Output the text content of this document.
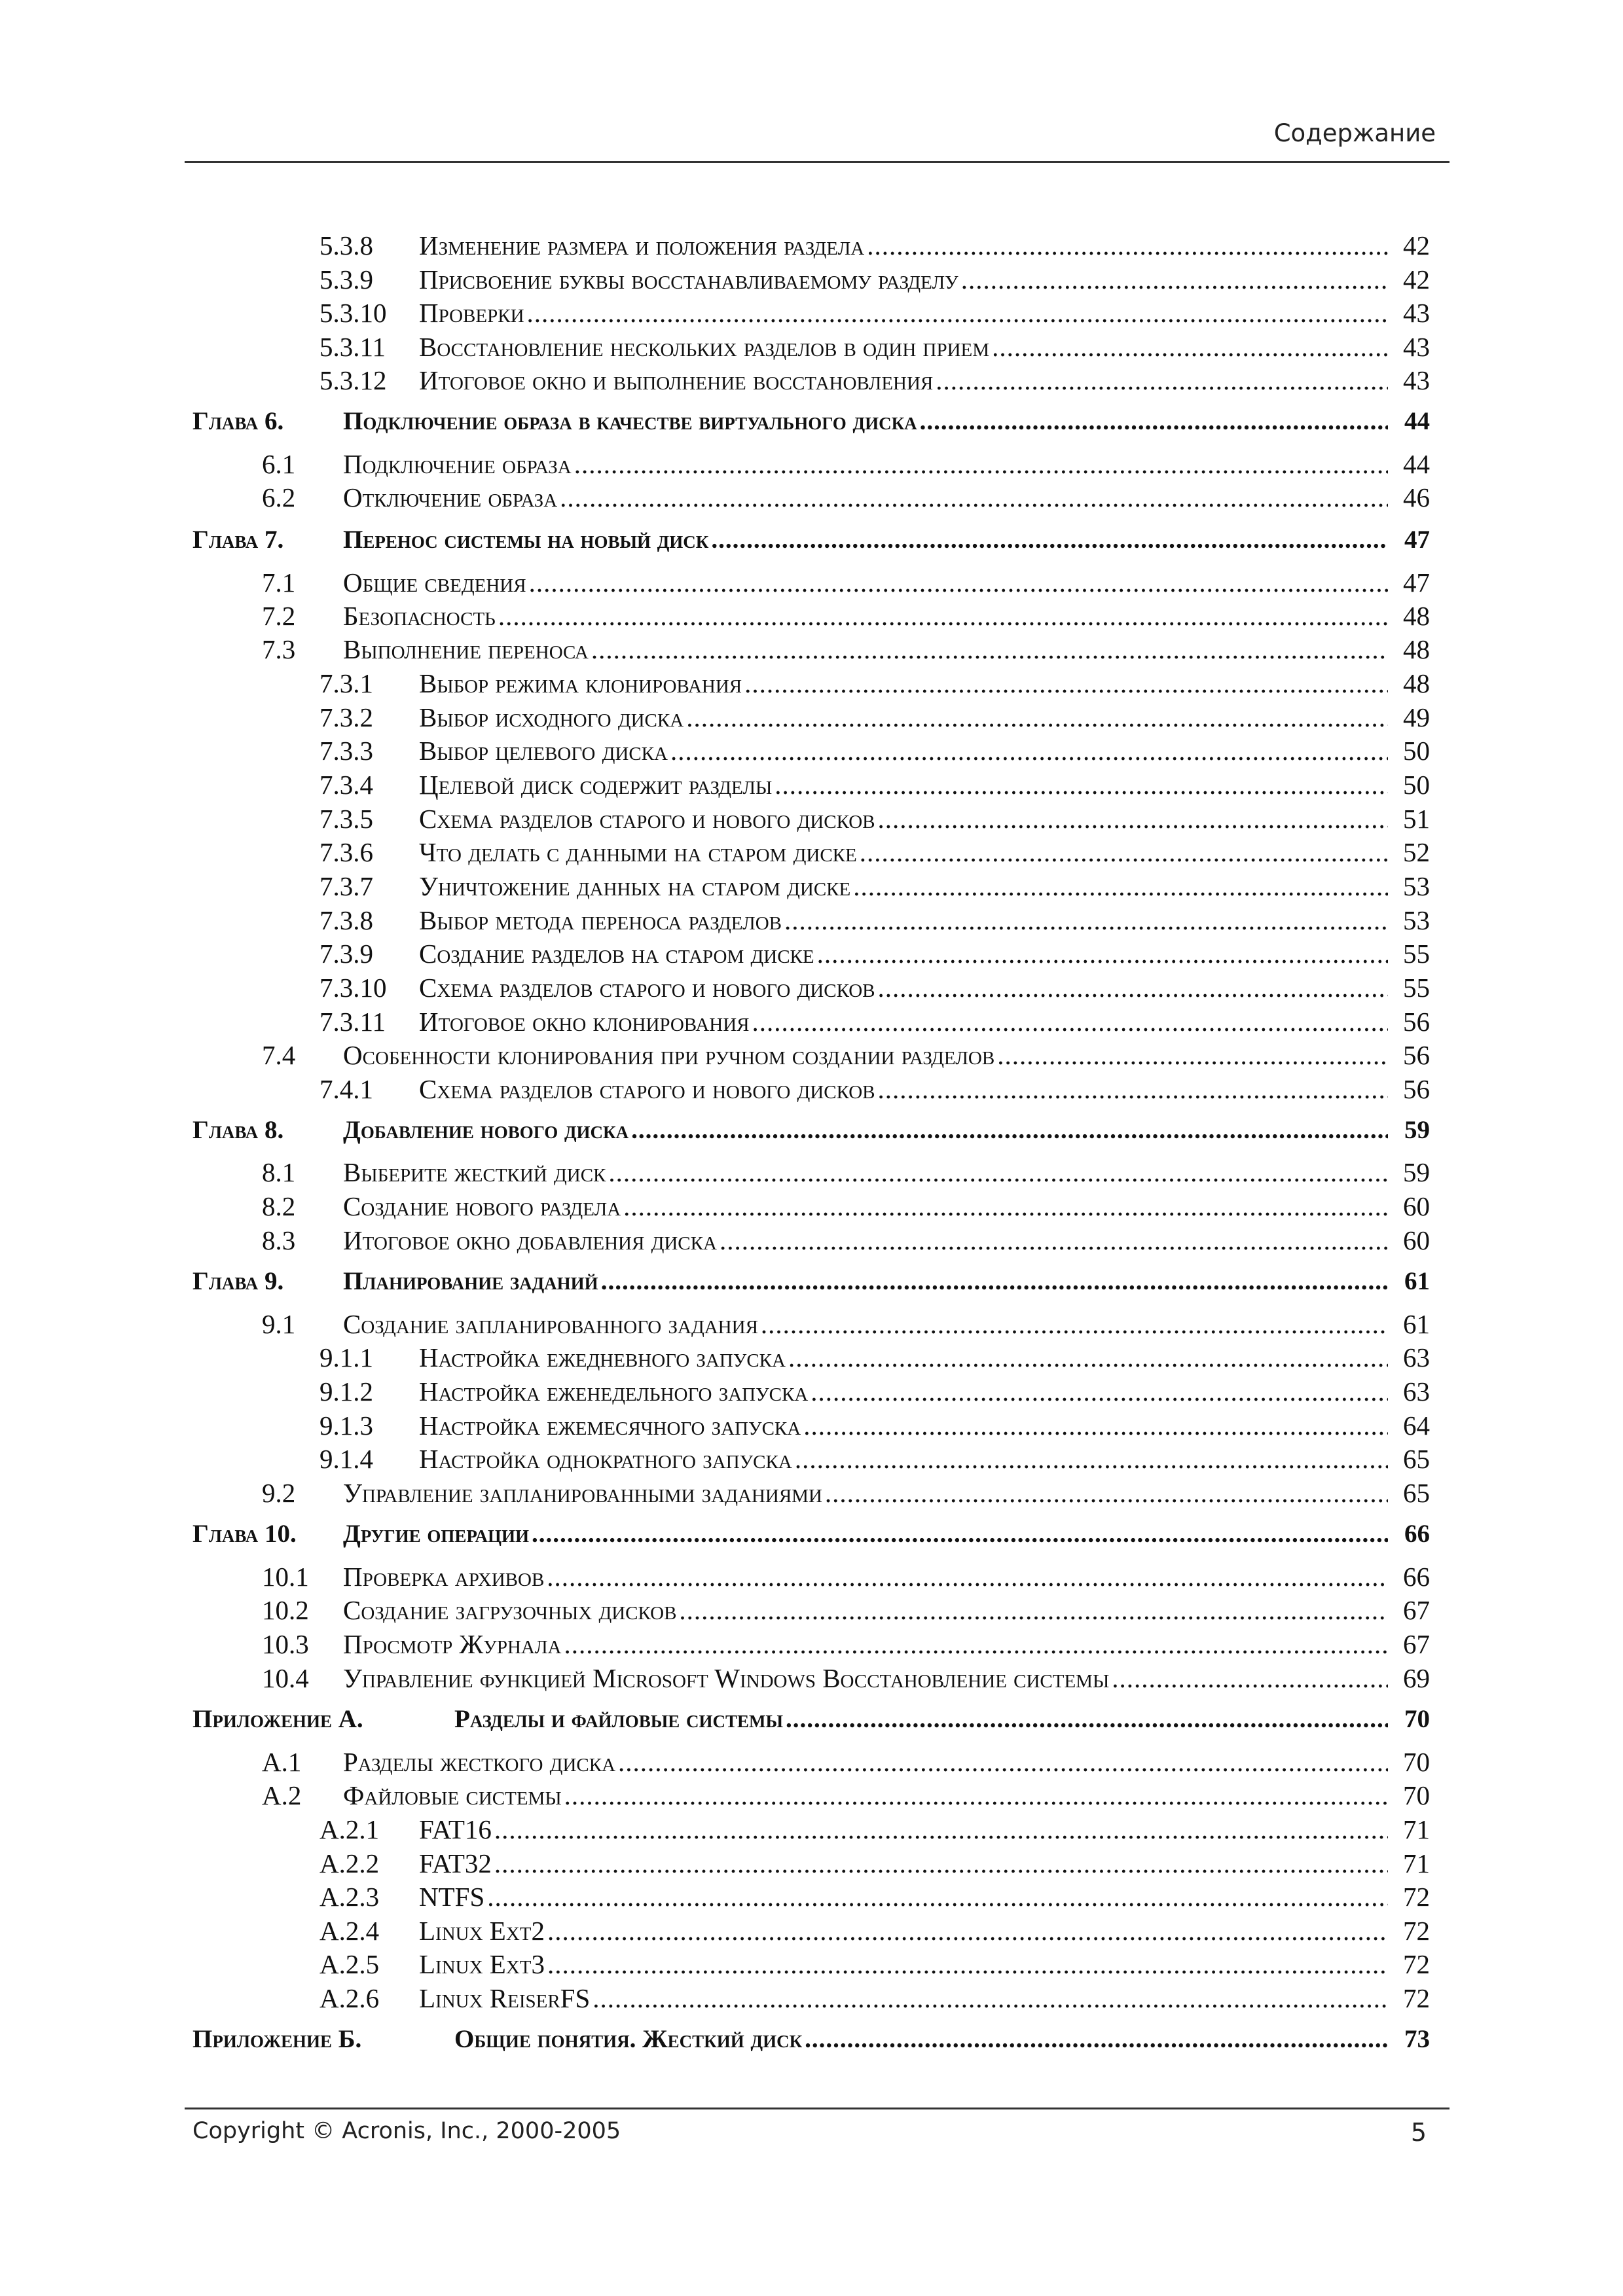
Содержание
5.3.8 Изменение размера и положения раздела .....	42
5.3.9 Присвоение буквы восстанавливаемому разделу .....	42
5.3.10 Проверки .....	43
5.3.11 Восстановление нескольких разделов в один прием .....	43
5.3.12 Итоговое окно и выполнение восстановления .....	43
Глава 6. Подключение образа в качестве виртуального диска .....	44
6.1 Подключение образа .....	44
6.2 Отключение образа .....	46
Глава 7. Перенос системы на новый диск .....	47
7.1 Общие сведения .....	47
7.2 Безопасность .....	48
7.3 Выполнение переноса .....	48
7.3.1 Выбор режима клонирования .....	48
7.3.2 Выбор исходного диска .....	49
7.3.3 Выбор целевого диска .....	50
7.3.4 Целевой диск содержит разделы .....	50
7.3.5 Схема разделов старого и нового дисков .....	51
7.3.6 Что делать с данными на старом диске .....	52
7.3.7 Уничтожение данных на старом диске .....	53
7.3.8 Выбор метода переноса разделов .....	53
7.3.9 Создание разделов на старом диске .....	55
7.3.10 Схема разделов старого и нового дисков .....	55
7.3.11 Итоговое окно клонирования .....	56
7.4 Особенности клонирования при ручном создании разделов .....	56
7.4.1 Схема разделов старого и нового дисков .....	56
Глава 8. Добавление нового диска .....	59
8.1 Выберите жесткий диск .....	59
8.2 Создание нового раздела .....	60
8.3 Итоговое окно добавления диска .....	60
Глава 9. Планирование заданий .....	61
9.1 Создание запланированного задания .....	61
9.1.1 Настройка ежедневного запуска .....	63
9.1.2 Настройка еженедельного запуска .....	63
9.1.3 Настройка ежемесячного запуска .....	64
9.1.4 Настройка однократного запуска .....	65
9.2 Управление запланированными заданиями .....	65
Глава 10. Другие операции .....	66
10.1 Проверка архивов .....	66
10.2 Создание загрузочных дисков .....	67
10.3 Просмотр Журнала .....	67
10.4 Управление функцией Microsoft Windows Восстановление системы .....	69
Приложение А.	Разделы и файловые системы .....	70
A.1 Разделы жесткого диска .....	70
A.2 Файловые системы .....	70
A.2.1 FAT16 .....	71
A.2.2 FAT32 .....	71
A.2.3 NTFS .....	72
A.2.4 Linux Ext2 .....	72
A.2.5 Linux Ext3 .....	72
A.2.6 Linux ReiserFS .....	72
Приложение Б.	Общие понятия. Жесткий диск .....	73
Copyright © Acronis, Inc., 2000-2005	5
